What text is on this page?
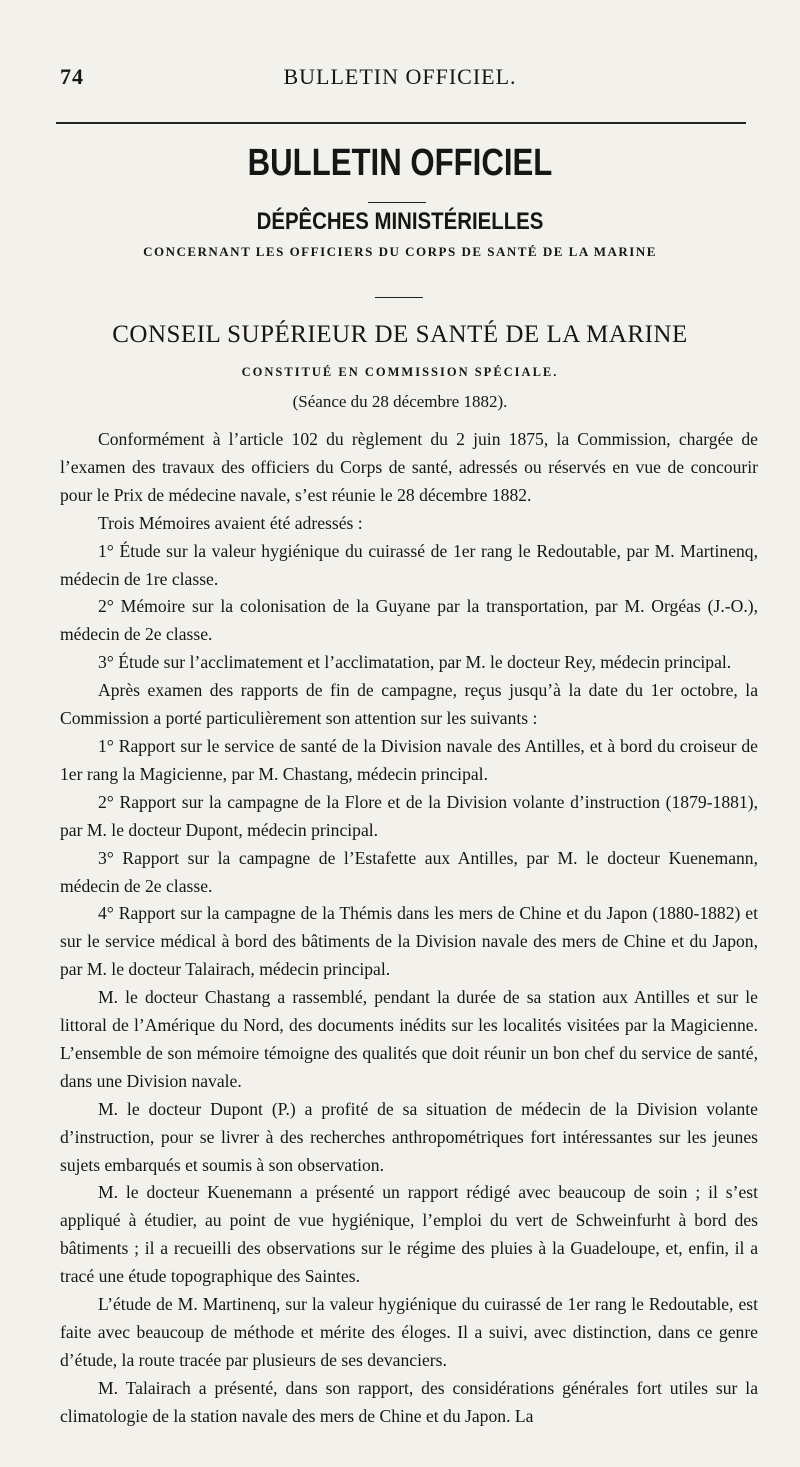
74	BULLETIN OFFICIEL.
BULLETIN OFFICIEL
DÉPÊCHES MINISTÉRIELLES
CONCERNANT LES OFFICIERS DU CORPS DE SANTÉ DE LA MARINE
CONSEIL SUPÉRIEUR DE SANTÉ DE LA MARINE
CONSTITUÉ EN COMMISSION SPÉCIALE.
(Séance du 28 décembre 1882).

Conformément à l’article 102 du règlement du 2 juin 1875, la Commission, chargée de l’examen des travaux des officiers du Corps de santé, adressés ou réservés en vue de concourir pour le Prix de médecine navale, s’est réunie le 28 décembre 1882.

Trois Mémoires avaient été adressés :

1° Étude sur la valeur hygiénique du cuirassé de 1er rang le Redoutable, par M. Martinenq, médecin de 1re classe.

2° Mémoire sur la colonisation de la Guyane par la transportation, par M. Orgéas (J.-O.), médecin de 2e classe.

3° Étude sur l’acclimatement et l’acclimatation, par M. le docteur Rey, médecin principal.

Après examen des rapports de fin de campagne, reçus jusqu’à la date du 1er octobre, la Commission a porté particulièrement son attention sur les suivants :

1° Rapport sur le service de santé de la Division navale des Antilles, et à bord du croiseur de 1er rang la Magicienne, par M. Chastang, médecin principal.

2° Rapport sur la campagne de la Flore et de la Division volante d’instruction (1879-1881), par M. le docteur Dupont, médecin principal.

3° Rapport sur la campagne de l’Estafette aux Antilles, par M. le docteur Kuenemann, médecin de 2e classe.

4° Rapport sur la campagne de la Thémis dans les mers de Chine et du Japon (1880-1882) et sur le service médical à bord des bâtiments de la Division navale des mers de Chine et du Japon, par M. le docteur Talairach, médecin principal.

M. le docteur Chastang a rassemblé, pendant la durée de sa station aux Antilles et sur le littoral de l’Amérique du Nord, des documents inédits sur les localités visitées par la Magicienne. L’ensemble de son mémoire témoigne des qualités que doit réunir un bon chef du service de santé, dans une Division navale.

M. le docteur Dupont (P.) a profité de sa situation de médecin de la Division volante d’instruction, pour se livrer à des recherches anthropométriques fort intéressantes sur les jeunes sujets embarqués et soumis à son observation.

M. le docteur Kuenemann a présenté un rapport rédigé avec beaucoup de soin ; il s’est appliqué à étudier, au point de vue hygiénique, l’emploi du vert de Schweinfurht à bord des bâtiments ; il a recueilli des observations sur le régime des pluies à la Guadeloupe, et, enfin, il a tracé une étude topographique des Saintes.

L’étude de M. Martinenq, sur la valeur hygiénique du cuirassé de 1er rang le Redoutable, est faite avec beaucoup de méthode et mérite des éloges. Il a suivi, avec distinction, dans ce genre d’étude, la route tracée par plusieurs de ses devanciers.

M. Talairach a présenté, dans son rapport, des considérations générales fort utiles sur la climatologie de la station navale des mers de Chine et du Japon. La
